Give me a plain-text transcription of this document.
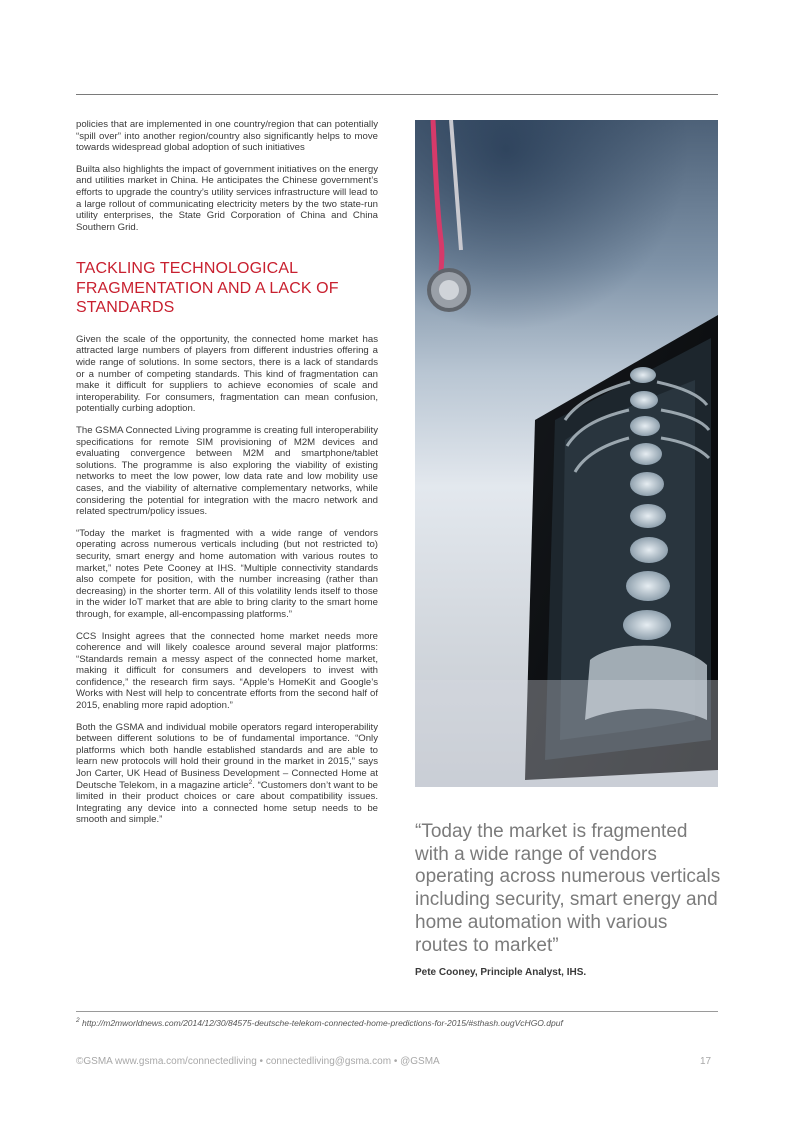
policies that are implemented in one country/region that can potentially “spill over” into another region/country also significantly helps to move towards widespread global adoption of such initiatives

Builta also highlights the impact of government initiatives on the energy and utilities market in China. He anticipates the Chinese government’s efforts to upgrade the country’s utility services infrastructure will lead to a large rollout of communicating electricity meters by the two state-run utility enterprises, the State Grid Corporation of China and China Southern Grid.

TACKLING TECHNOLOGICAL FRAGMENTATION AND A LACK OF STANDARDS

Given the scale of the opportunity, the connected home market has attracted large numbers of players from different industries offering a wide range of solutions. In some sectors, there is a lack of standards or a number of competing standards. This kind of fragmentation can make it difficult for suppliers to achieve economies of scale and interoperability. For consumers, fragmentation can mean confusion, potentially curbing adoption.

The GSMA Connected Living programme is creating full interoperability specifications for remote SIM provisioning of M2M devices and evaluating convergence between M2M and smartphone/tablet solutions. The programme is also exploring the viability of existing networks to meet the low power, low data rate and low mobility use cases, and the viability of alternative complementary networks, while considering the potential for integration with the macro network and related spectrum/policy issues.

“Today the market is fragmented with a wide range of vendors operating across numerous verticals including (but not restricted to) security, smart energy and home automation with various routes to market,” notes Pete Cooney at IHS. “Multiple connectivity standards also compete for position, with the number increasing (rather than decreasing) in the shorter term. All of this volatility lends itself to those in the wider IoT market that are able to bring clarity to the smart home through, for example, all-encompassing platforms.”

CCS Insight agrees that the connected home market needs more coherence and will likely coalesce around several major platforms: “Standards remain a messy aspect of the connected home market, making it difficult for consumers and developers to invest with confidence,” the research firm says. “Apple’s HomeKit and Google’s Works with Nest will help to concentrate efforts from the second half of 2015, enabling more rapid adoption.”

Both the GSMA and individual mobile operators regard interoperability between different solutions to be of fundamental importance. “Only platforms which both handle established standards and are able to learn new protocols will hold their ground in the market in 2015,” says Jon Carter, UK Head of Business Development – Connected Home at Deutsche Telekom, in a magazine article$^2$. “Customers don’t want to be limited in their product choices or care about compatibility issues. Integrating any device into a connected home setup needs to be smooth and simple.”

“Today the market is fragmented with a wide range of vendors operating across numerous verticals including security, smart energy and home automation with various routes to market”
Pete Cooney, Principle Analyst, IHS.
$^2$ http://m2mworldnews.com/2014/12/30/84575-deutsche-telekom-connected-home-predictions-for-2015/#sthash.ougVcHGO.dpuf
©GSMA www.gsma.com/connectedliving • connectedliving@gsma.com • @GSMA	17
